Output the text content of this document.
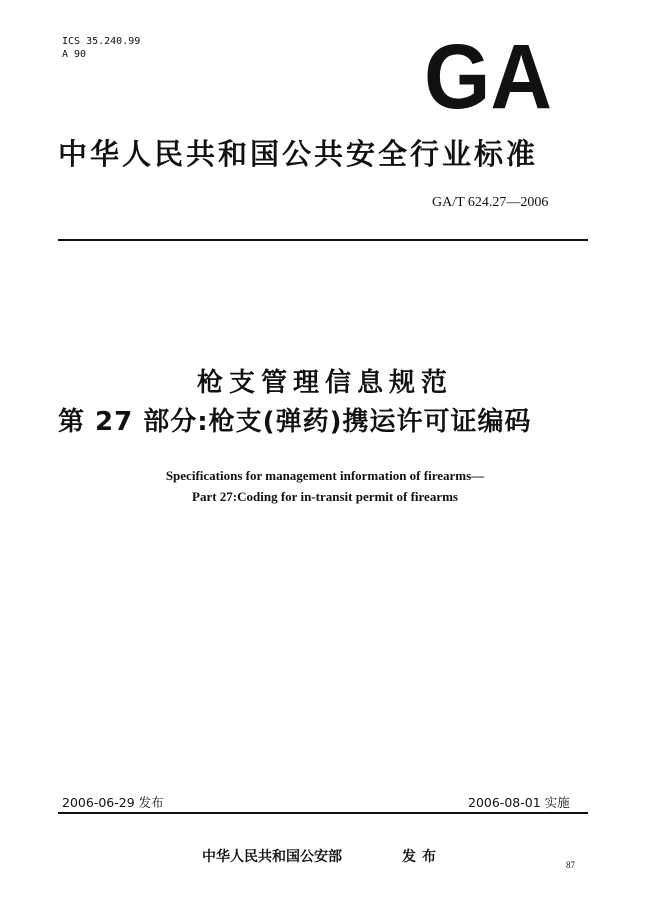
ICS 35.240.99
A 90	GA
中华人民共和国公共安全行业标准
GA/T 624.27—2006
枪支管理信息规范
第 27 部分:枪支(弹药)携运许可证编码
Specifications for management information of firearms—
Part 27:Coding for in-transit permit of firearms
2006-06-29 发布	2006-08-01 实施
中华人民共和国公安部	发布	87
